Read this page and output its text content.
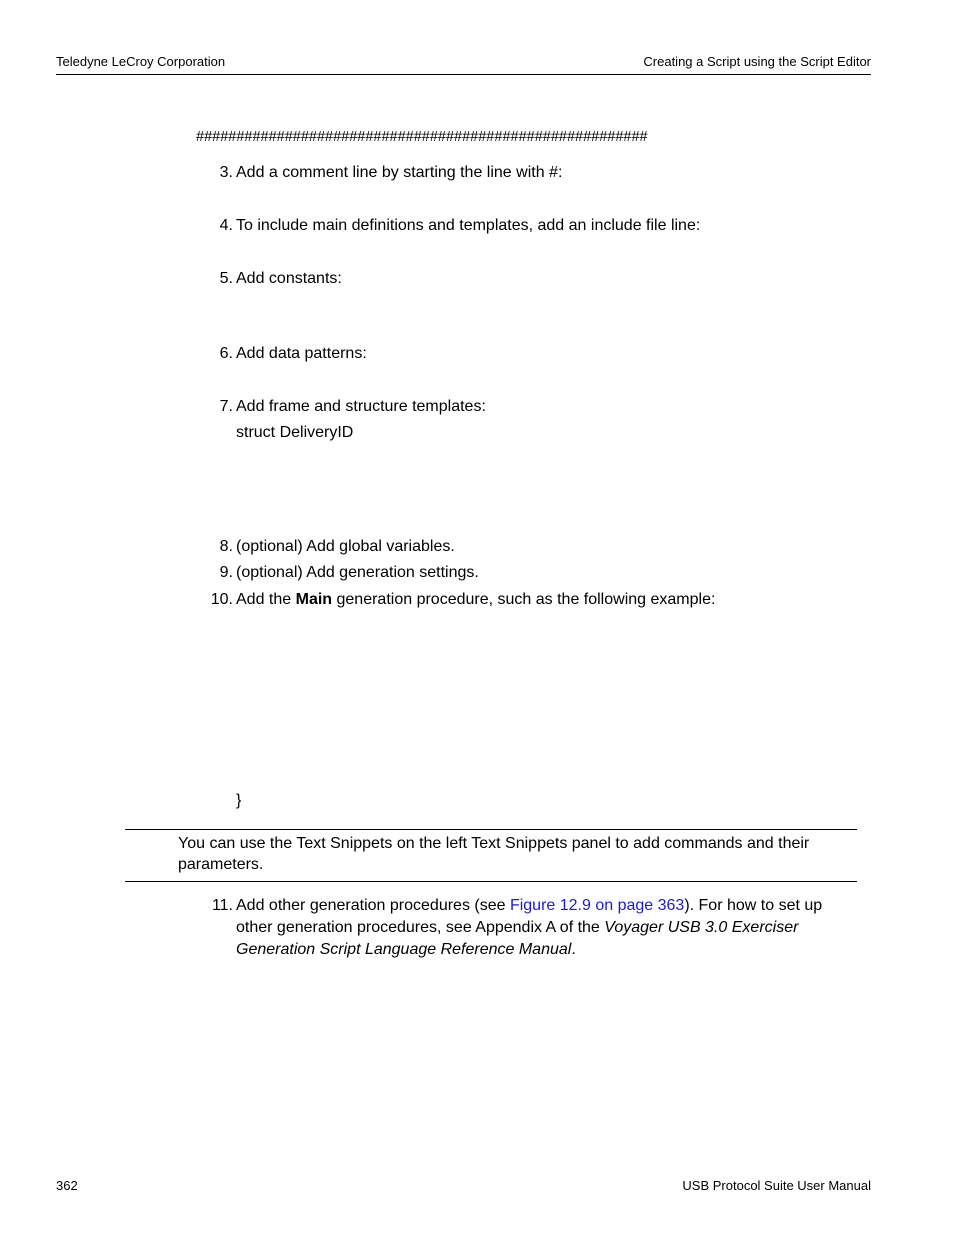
Teledyne LeCroy Corporation	Creating a Script using the Script Editor
########################################################
3. Add a comment line by starting the line with #:
4. To include main definitions and templates, add an include file line:
5. Add constants:
6. Add data patterns:
7. Add frame and structure templates:
struct DeliveryID
8. (optional) Add global variables.
9. (optional) Add generation settings.
10. Add the Main generation procedure, such as the following example:
}
You can use the Text Snippets on the left Text Snippets panel to add commands and their parameters.
11. Add other generation procedures (see Figure 12.9 on page 363). For how to set up other generation procedures, see Appendix A of the Voyager USB 3.0 Exerciser Generation Script Language Reference Manual.
362	USB Protocol Suite User Manual
